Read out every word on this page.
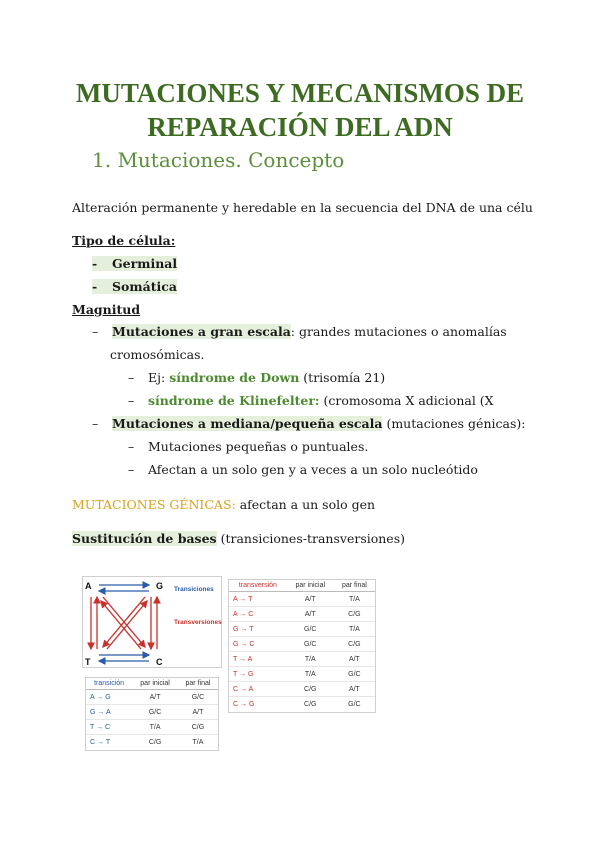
MUTACIONES Y MECANISMOS DE
REPARACIÓN DEL ADN
1. Mutaciones. Concepto
Alteración permanente y heredable en la secuencia del DNA de una célu
Tipo de célula:
- Germinal
- Somática
Magnitud
– Mutaciones a gran escala: grandes mutaciones o anomalías
cromosómicas.
– Ej: síndrome de Down (trisomía 21)
– síndrome de Klinefelter: (cromosoma X adicional (X
– Mutaciones a mediana/pequeña escala (mutaciones génicas):
– Mutaciones pequeñas o puntuales.
– Afectan a un solo gen y a veces a un solo nucleótido
MUTACIONES GÉNICAS: afectan a un solo gen
Sustitución de bases (transiciones-transversiones)
A	G
T	C
Transiciones
Transversiones
transversión	par inicial	par final
A → T	A/T	T/A
A → C	A/T	C/G
G → T	G/C	T/A
G → C	G/C	C/G
T → A	T/A	A/T
T → G	T/A	G/C
C → A	C/G	A/T
C → G	C/G	G/C
transición	par inicial	par final
A → G	A/T	G/C
G → A	G/C	A/T
T → C	T/A	C/G
C → T	C/G	T/A
